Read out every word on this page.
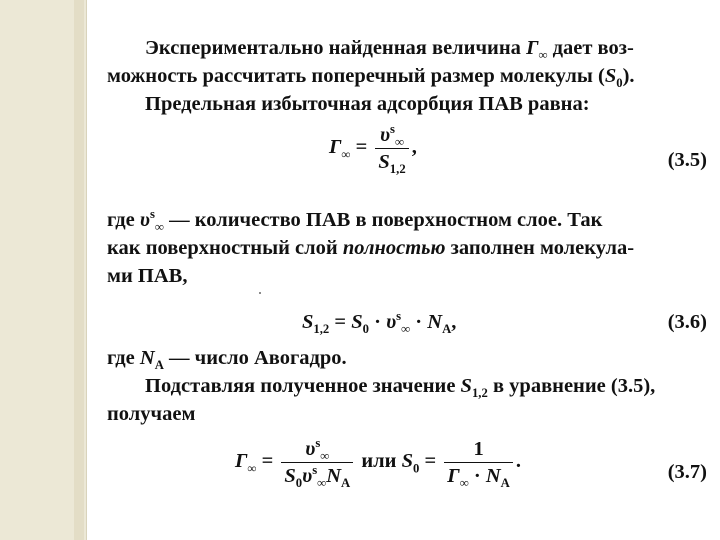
Экспериментально найденная величина $\Gamma_\infty$ дает воз-
можность рассчитать поперечный размер молекулы $(S_0)$.
Предельная избыточная адсорбция ПАВ равна:
$\Gamma_\infty = \frac{\upsilon^s_\infty}{S_{1,2}}$ ,
(3.5)
где $\upsilon^s_\infty$ — количество ПАВ в поверхностном слое. Так
как поверхностный слой полностью заполнен молекула-
ми ПАВ,
$S_{1,2} = S_0 \cdot \upsilon^s_\infty \cdot N_A$,	(3.6)
где $N_A$ — число Авогадро.
Подставляя полученное значение $S_{1,2}$ в уравнение (3.5),
получаем
$\Gamma_\infty = \frac{\upsilon^s_\infty}{S_0\upsilon^s_\infty N_A}$ или $S_0 = \frac{1}{\Gamma_\infty \cdot N_A}$ .	(3.7)
